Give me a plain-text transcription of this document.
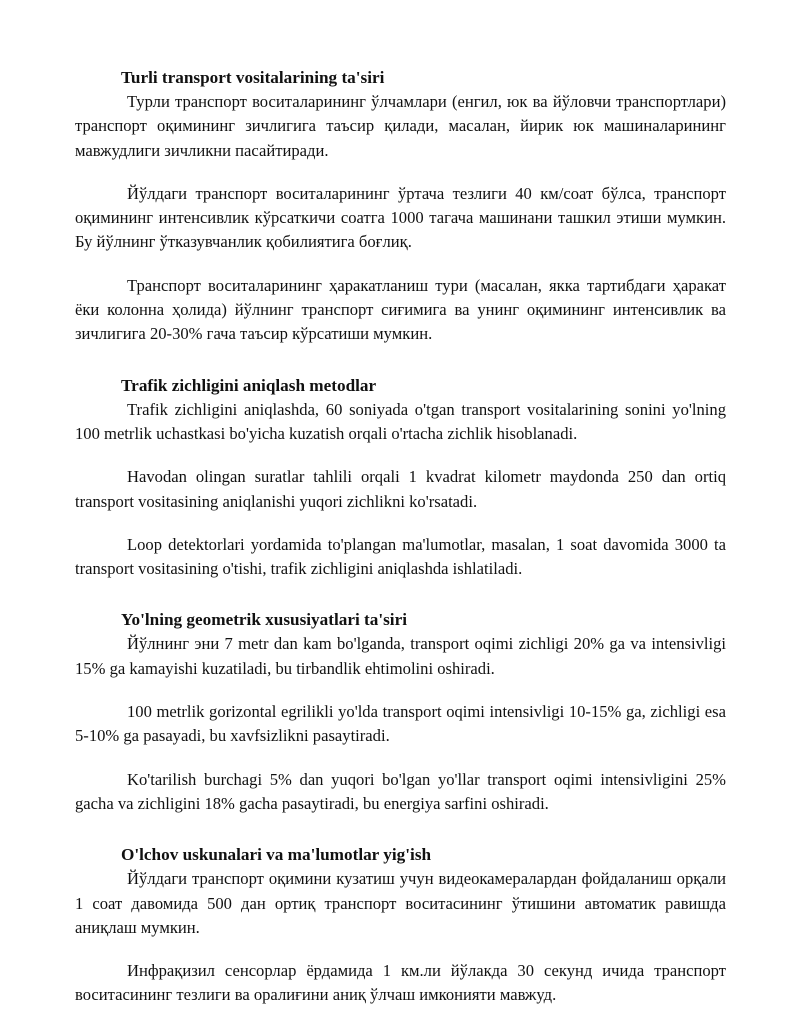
Turli transport vositalarining ta'siri

Турли транспорт воситаларининг ўлчамлари (енгил, юк ва йўловчи транспортлари) транспорт оқимининг зичлигига таъсир қилади, масалан, йирик юк машиналарининг мавжудлиги зичликни пасайтиради.

Йўлдаги транспорт воситаларининг ўртача тезлиги 40 км/соат бўлса, транспорт оқимининг интенсивлик кўрсаткичи соатга 1000 тагача машинани ташкил этиши мумкин. Бу йўлнинг ўтказувчанлик қобилиятига боғлиқ.

Транспорт воситаларининг ҳаракатланиш тури (масалан, якка тартибдаги ҳаракат ёки колонна ҳолида) йўлнинг транспорт сиғимига ва унинг оқимининг интенсивлик ва зичлигига 20-30% гача таъсир кўрсатиши мумкин.

Trafik zichligini aniqlash metodlar

Trafik zichligini aniqlashda, 60 soniyada o'tgan transport vositalarining sonini yo'lning 100 metrlik uchastkasi bo'yicha kuzatish orqali o'rtacha zichlik hisoblanadi.

Havodan olingan suratlar tahlili orqali 1 kvadrat kilometr maydonda 250 dan ortiq transport vositasining aniqlanishi yuqori zichlikni ko'rsatadi.

Loop detektorlari yordamida to'plangan ma'lumotlar, masalan, 1 soat davomida 3000 ta transport vositasining o'tishi, trafik zichligini aniqlashda ishlatiladi.

Yo'lning geometrik xususiyatlari ta'siri

Йўлнинг эни 7 metr dan kam bo'lganda, transport oqimi zichligi 20% ga va intensivligi 15% ga kamayishi kuzatiladi, bu tirbandlik ehtimolini oshiradi.

100 metrlik gorizontal egrilikli yo'lda transport oqimi intensivligi 10-15% ga, zichligi esa 5-10% ga pasayadi, bu xavfsizlikni pasaytiradi.

Ko'tarilish burchagi 5% dan yuqori bo'lgan yo'llar transport oqimi intensivligini 25% gacha va zichligini 18% gacha pasaytiradi, bu energiya sarfini oshiradi.

O'lchov uskunalari va ma'lumotlar yig'ish

Йўлдаги транспорт оқимини кузатиш учун видеокамералардан фойдаланиш орқали 1 соат давомида 500 дан ортиқ транспорт воситасининг ўтишини автоматик равишда аниқлаш мумкин.

Инфрақизил сенсорлар ёрдамида 1 км.ли йўлакда 30 секунд ичида транспорт воситасининг тезлиги ва оралиғини аниқ ўлчаш имконияти мавжуд.
